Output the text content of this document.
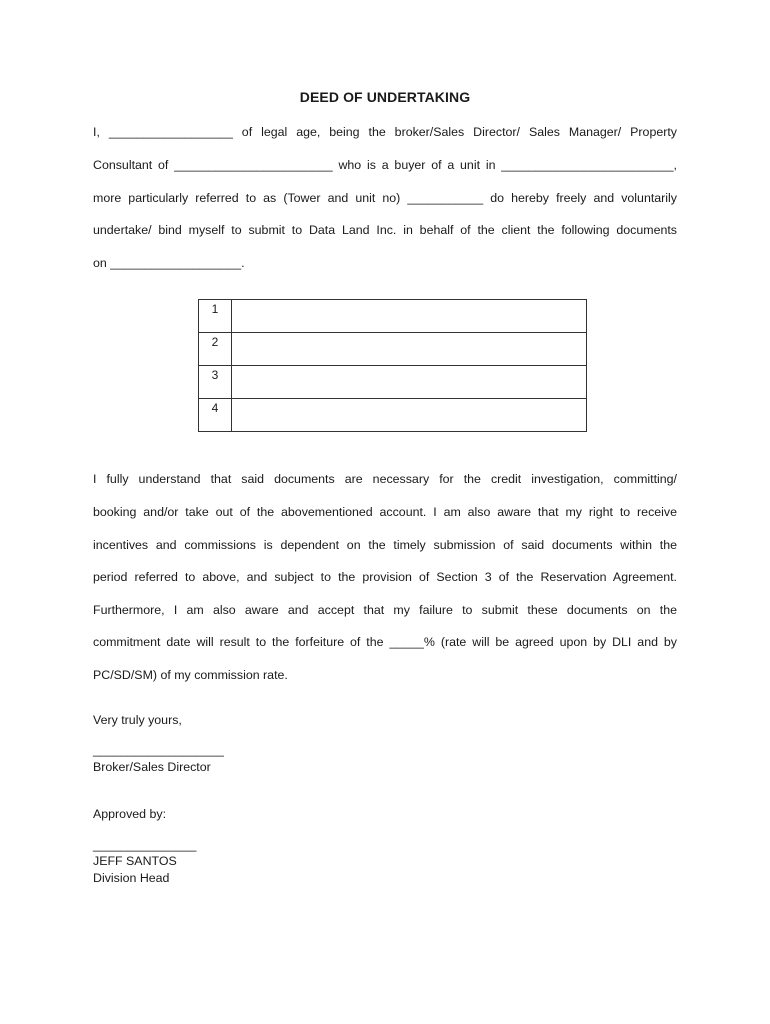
DEED OF UNDERTAKING
I, __________________ of legal age, being the broker/Sales Director/ Sales Manager/ Property
Consultant of _______________________ who is a buyer of a unit in _________________________,
more particularly referred to as (Tower and unit no) ___________ do hereby freely and voluntarily
undertake/ bind myself to submit to Data Land Inc. in behalf of the client the following documents
on ___________________.
1	
2	
3	
4	
I fully understand that said documents are necessary for the credit investigation, committing/
booking and/or take out of the abovementioned account. I am also aware that my right to receive
incentives and commissions is dependent on the timely submission of said documents within the
period referred to above, and subject to the provision of Section 3 of the Reservation Agreement.
Furthermore, I am also aware and accept that my failure to submit these documents on the
commitment date will result to the forfeiture of the _____% (rate will be agreed upon by DLI and by
PC/SD/SM) of my commission rate.
Very truly yours,
___________________
Broker/Sales Director
Approved by:
_______________
JEFF SANTOS
Division Head
